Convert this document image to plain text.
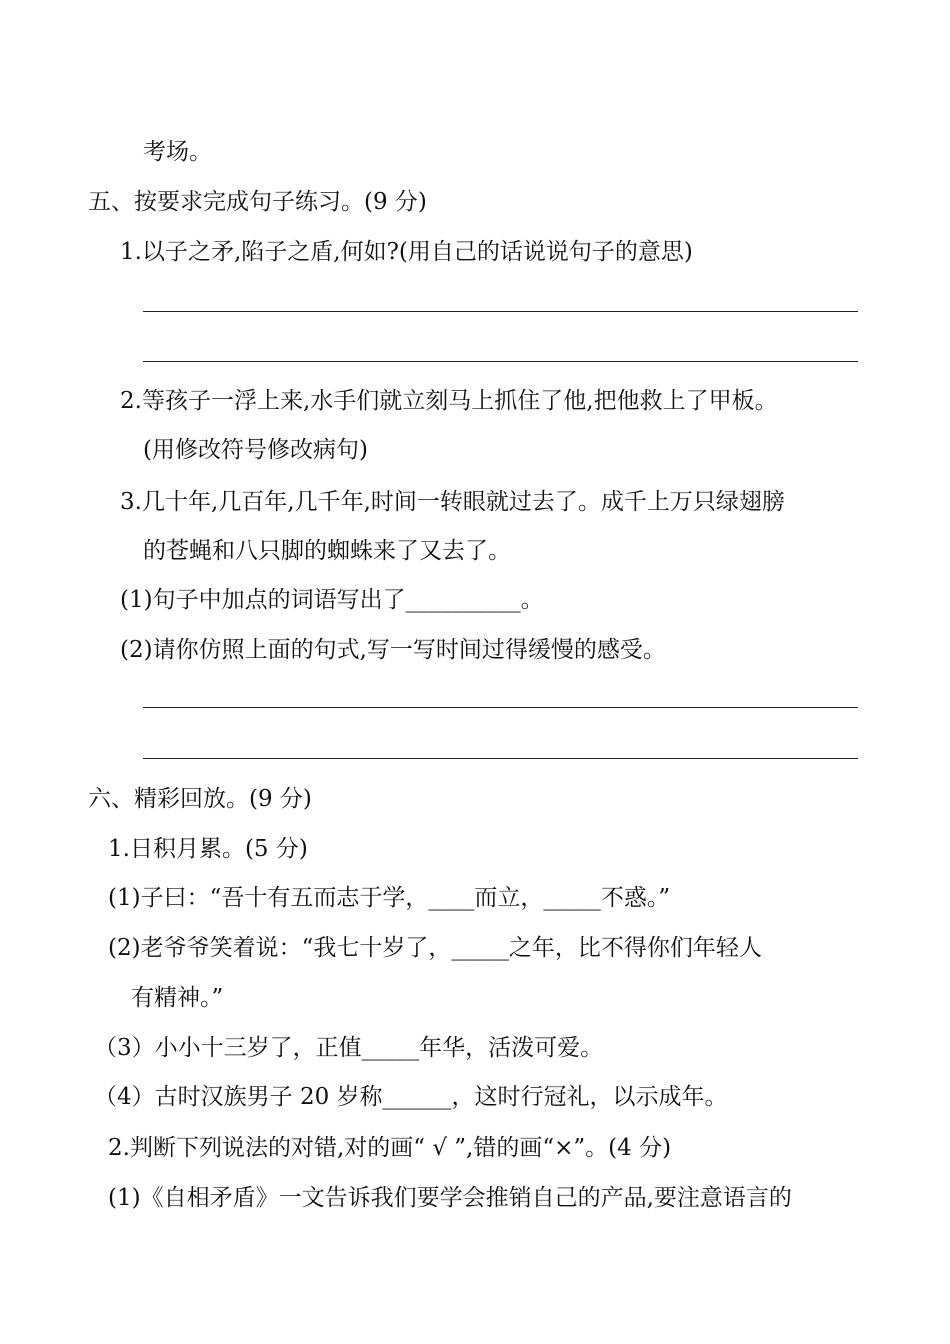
考场。
五、按要求完成句子练习。(9 分)
1.以子之矛,陷子之盾,何如?(用自己的话说说句子的意思)
2.等孩子一浮上来,水手们就立刻马上抓住了他,把他救上了甲板。
(用修改符号修改病句)
3.几十年,几百年,几千年,时间一转眼就过去了。成千上万只绿翅膀
的苍蝇和八只脚的蜘蛛来了又去了。
(1)句子中加点的词语写出了__________。
(2)请你仿照上面的句式,写一写时间过得缓慢的感受。
六、精彩回放。(9 分)
1.日积月累。(5 分)
(1)子曰：“吾十有五而志于学，____而立，_____不惑。”
(2)老爷爷笑着说：“我七十岁了，_____之年，比不得你们年轻人
有精神。”
（3）小小十三岁了，正值_____年华，活泼可爱。
（4）古时汉族男子 20 岁称______，这时行冠礼，以示成年。
2.判断下列说法的对错,对的画“ √ ”,错的画“×”。(4 分)
(1)《自相矛盾》一文告诉我们要学会推销自己的产品,要注意语言的
